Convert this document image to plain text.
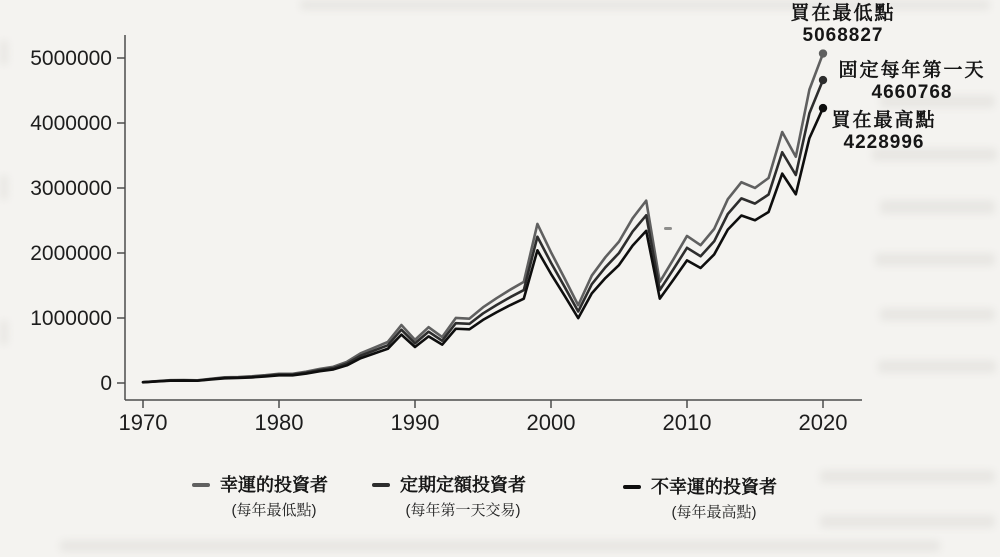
0
1000000
2000000
3000000
4000000
5000000
1970	1980	1990	2000	2010	2020
買在最低點
5068827
固定每年第一天
4660768
買在最高點
4228996
幸運的投資者
(每年最低點)
定期定額投資者
(每年第一天交易)
不幸運的投資者
(每年最高點)
